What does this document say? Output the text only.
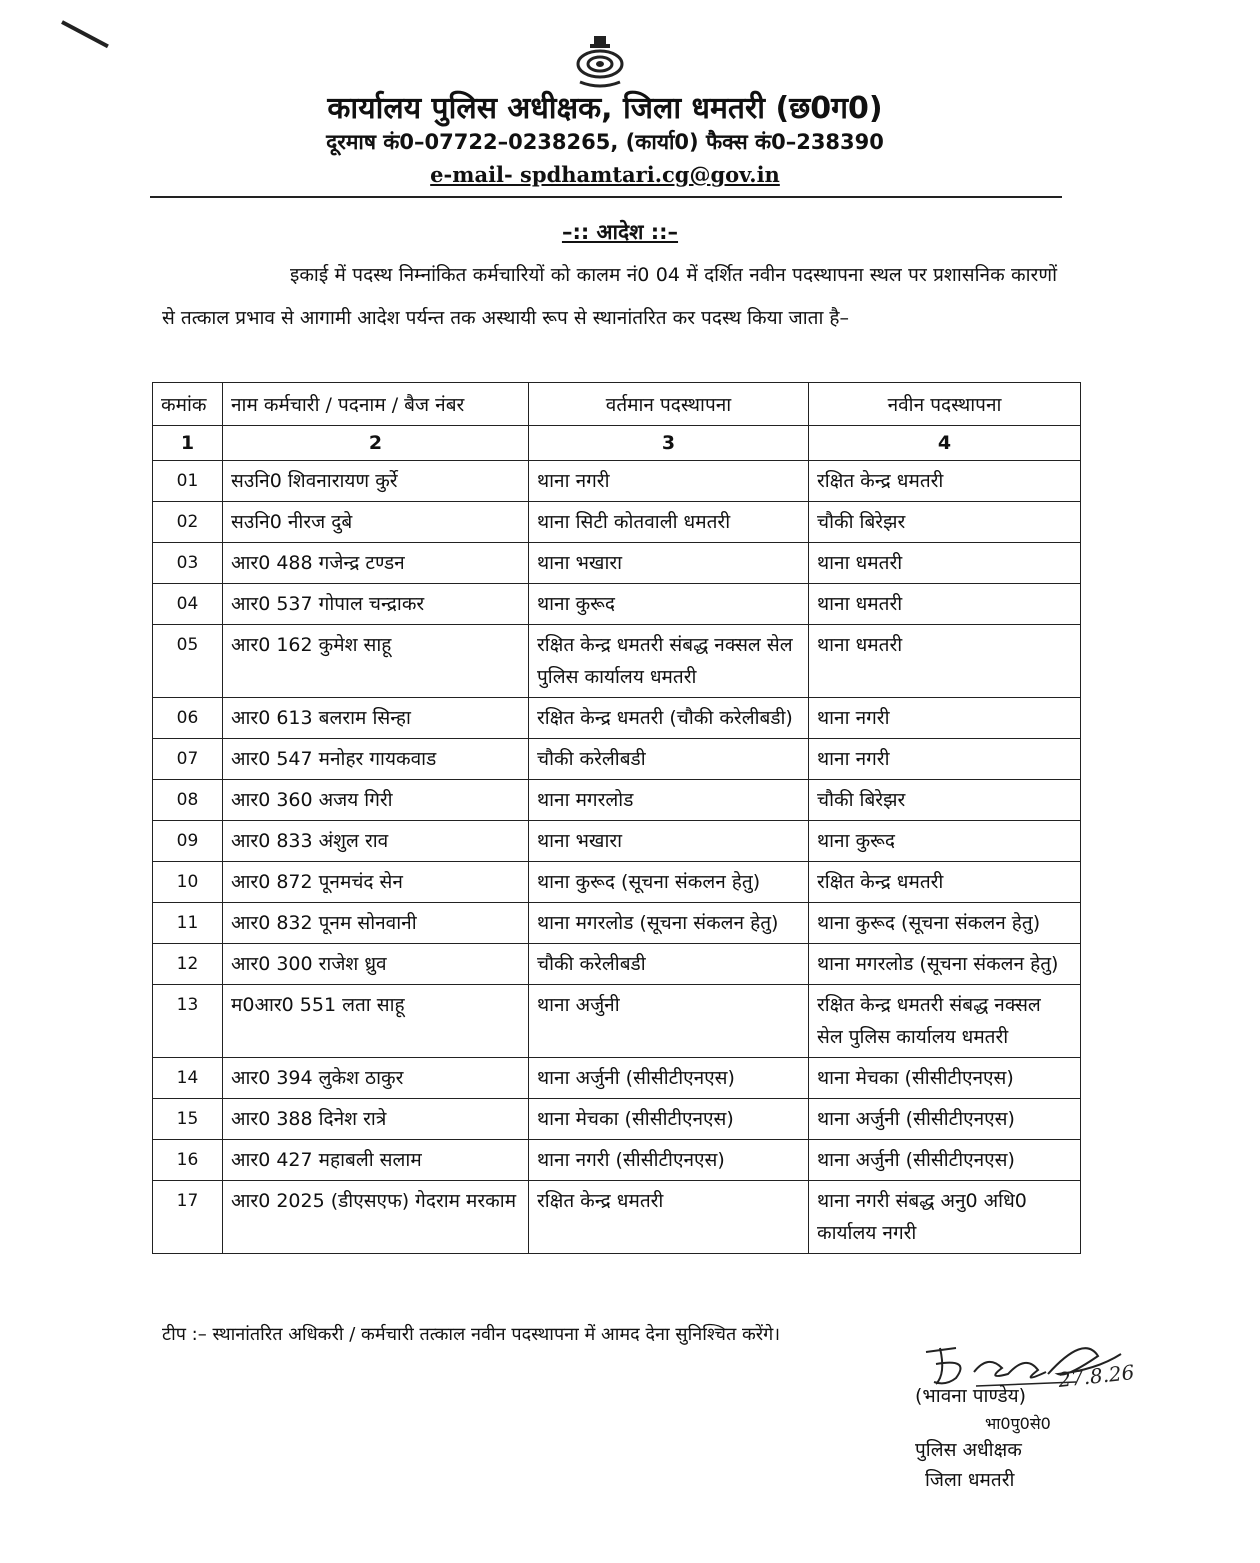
कार्यालय पुलिस अधीक्षक, जिला धमतरी (छ0ग0)
दूरमाष कं0–07722–0238265, (कार्या0) फैक्स कं0–238390
e-mail- spdhamtari.cg@gov.in
–:: आदेश ::–
इकाई में पदस्थ निम्नांकित कर्मचारियों को कालम नं0 04 में दर्शित नवीन पदस्थापना स्थल पर प्रशासनिक कारणों से तत्काल प्रभाव से आगामी आदेश पर्यन्त तक अस्थायी रूप से स्थानांतरित कर पदस्थ किया जाता है–
कमांक	नाम कर्मचारी / पदनाम / बैज नंबर	वर्तमान पदस्थापना	नवीन पदस्थापना
1	2	3	4
01	सउनि0 शिवनारायण कुर्रे	थाना नगरी	रक्षित केन्द्र धमतरी
02	सउनि0 नीरज दुबे	थाना सिटी कोतवाली धमतरी	चौकी बिरेझर
03	आर0 488 गजेन्द्र टण्डन	थाना भखारा	थाना धमतरी
04	आर0 537 गोपाल चन्द्राकर	थाना कुरूद	थाना धमतरी
05	आर0 162 कुमेश साहू	रक्षित केन्द्र धमतरी संबद्ध नक्सल सेल पुलिस कार्यालय धमतरी	थाना धमतरी
06	आर0 613 बलराम सिन्हा	रक्षित केन्द्र धमतरी (चौकी करेलीबडी)	थाना नगरी
07	आर0 547 मनोहर गायकवाड	चौकी करेलीबडी	थाना नगरी
08	आर0 360 अजय गिरी	थाना मगरलोड	चौकी बिरेझर
09	आर0 833 अंशुल राव	थाना भखारा	थाना कुरूद
10	आर0 872 पूनमचंद सेन	थाना कुरूद (सूचना संकलन हेतु)	रक्षित केन्द्र धमतरी
11	आर0 832 पूनम सोनवानी	थाना मगरलोड (सूचना संकलन हेतु)	थाना कुरूद (सूचना संकलन हेतु)
12	आर0 300 राजेश ध्रुव	चौकी करेलीबडी	थाना मगरलोड (सूचना संकलन हेतु)
13	म0आर0 551 लता साहू	थाना अर्जुनी	रक्षित केन्द्र धमतरी संबद्ध नक्सल सेल पुलिस कार्यालय धमतरी
14	आर0 394 लुकेश ठाकुर	थाना अर्जुनी (सीसीटीएनएस)	थाना मेचका (सीसीटीएनएस)
15	आर0 388 दिनेश रात्रे	थाना मेचका (सीसीटीएनएस)	थाना अर्जुनी (सीसीटीएनएस)
16	आर0 427 महाबली सलाम	थाना नगरी (सीसीटीएनएस)	थाना अर्जुनी (सीसीटीएनएस)
17	आर0 2025 (डीएसएफ) गेदराम मरकाम	रक्षित केन्द्र धमतरी	थाना नगरी संबद्ध अनु0 अधि0 कार्यालय नगरी
टीप :– स्थानांतरित अधिकरी / कर्मचारी तत्काल नवीन पदस्थापना में आमद देना सुनिश्चित करेंगे।
27.8.26
(भावना पाण्डेय)
भा0पु0से0
पुलिस अधीक्षक
जिला धमतरी
